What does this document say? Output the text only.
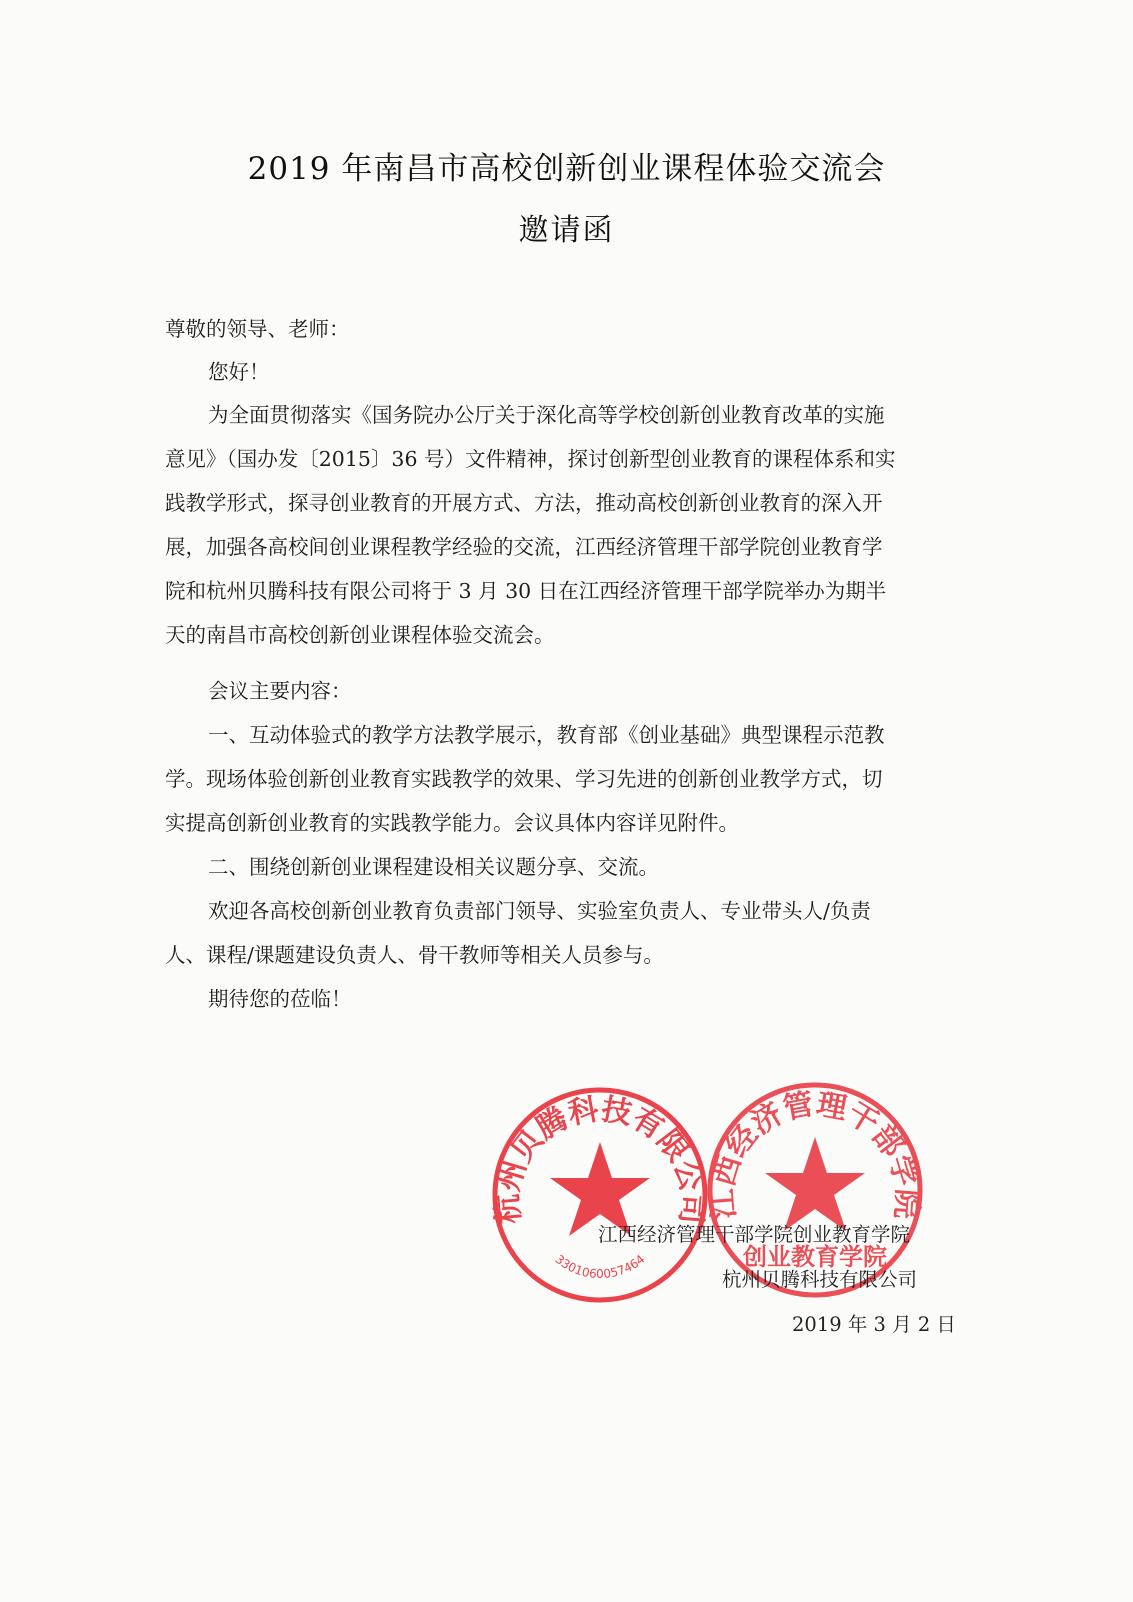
2019 年南昌市高校创新创业课程体验交流会
邀请函
尊敬的领导、老师：
您好！
为全面贯彻落实《国务院办公厅关于深化高等学校创新创业教育改革的实施
意见》（国办发〔2015〕36 号）文件精神，探讨创新型创业教育的课程体系和实
践教学形式，探寻创业教育的开展方式、方法，推动高校创新创业教育的深入开
展，加强各高校间创业课程教学经验的交流，江西经济管理干部学院创业教育学
院和杭州贝腾科技有限公司将于 3 月 30 日在江西经济管理干部学院举办为期半
天的南昌市高校创新创业课程体验交流会。
会议主要内容：
一、互动体验式的教学方法教学展示，教育部《创业基础》典型课程示范教
学。现场体验创新创业教育实践教学的效果、学习先进的创新创业教学方式，切
实提高创新创业教育的实践教学能力。会议具体内容详见附件。
二、围绕创新创业课程建设相关议题分享、交流。
欢迎各高校创新创业教育负责部门领导、实验室负责人、专业带头人/负责
人、课程/课题建设负责人、骨干教师等相关人员参与。
期待您的莅临！
杭州贝腾科技有限公司
3301060057464
江西经济管理干部学院
创业教育学院
江西经济管理干部学院创业教育学院
杭州贝腾科技有限公司
2019 年 3 月 2 日
